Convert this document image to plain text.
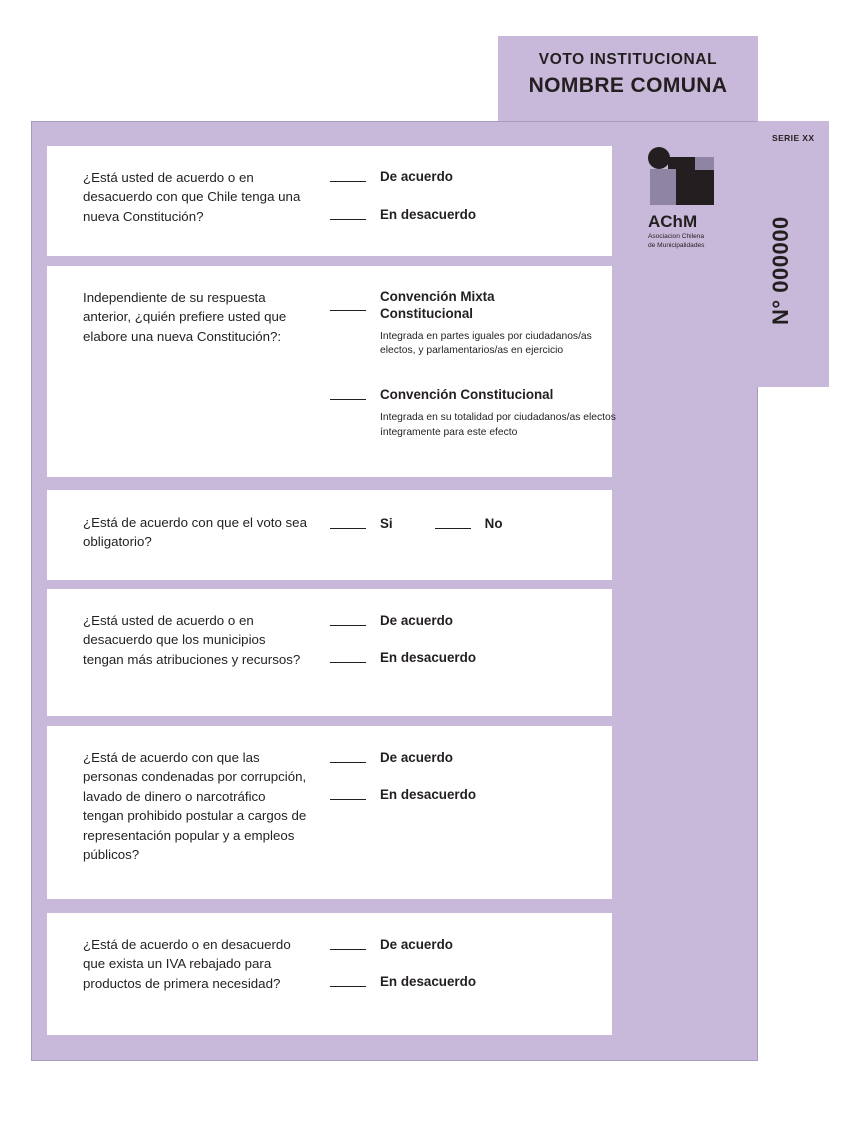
VOTO INSTITUCIONAL
NOMBRE COMUNA
¿Está usted de acuerdo o en desacuerdo con que Chile tenga una nueva Constitución?
De acuerdo
En desacuerdo
Independiente de su respuesta anterior, ¿quién prefiere usted que elabore una nueva Constitución?:
Convención Mixta Constitucional
Integrada en partes iguales por ciudadanos/as electos, y parlamentarios/as en ejercicio
Convención Constitucional
Integrada en su totalidad por ciudadanos/as electos íntegramente para este efecto
¿Está de acuerdo con que el voto sea obligatorio?
Si	No
¿Está usted de acuerdo o en desacuerdo que los municipios tengan más atribuciones y recursos?
De acuerdo
En desacuerdo
¿Está de acuerdo con que las personas condenadas por corrupción, lavado de dinero o narcotráfico tengan prohibido postular a cargos de representación popular y a empleos públicos?
De acuerdo
En desacuerdo
¿Está de acuerdo o en desacuerdo que exista un IVA rebajado para productos de primera necesidad?
De acuerdo
En desacuerdo
AChM
Asociacion Chilena
de Municipalidades
SERIE XX
N° 000000
